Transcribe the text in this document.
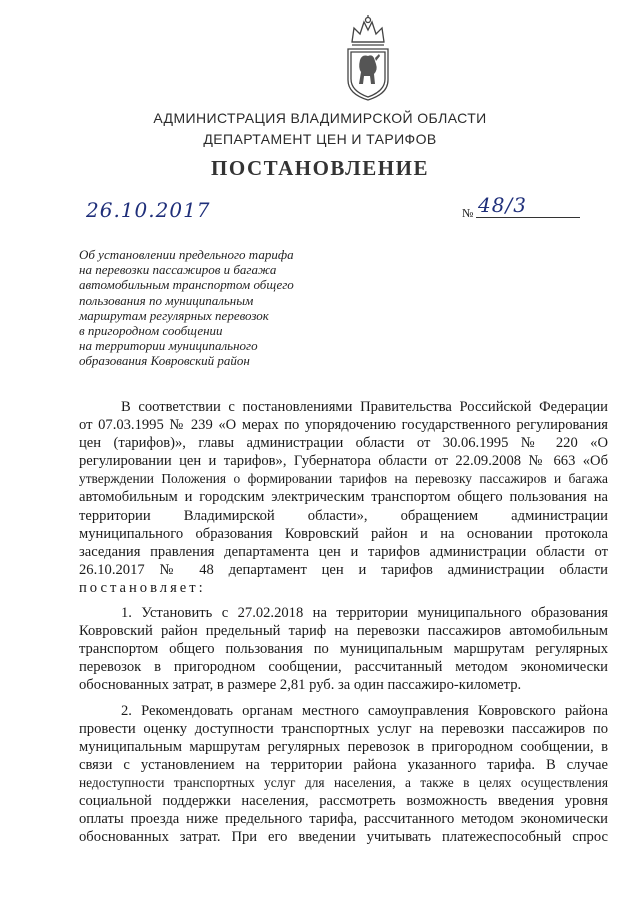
АДМИНИСТРАЦИЯ ВЛАДИМИРСКОЙ ОБЛАСТИ
ДЕПАРТАМЕНТ ЦЕН И ТАРИФОВ
ПОСТАНОВЛЕНИЕ
26.10.2017	№ 48/3
Об установлении предельного тарифа
на перевозки пассажиров и багажа
автомобильным транспортом общего
пользования по муниципальным
маршрутам регулярных перевозок
в пригородном сообщении
на территории муниципального
образования Ковровский район
В соответствии с постановлениями Правительства Российской Федерации
от 07.03.1995 № 239 «О мерах по упорядочению государственного регулирования
цен (тарифов)», главы администрации области от 30.06.1995 № 220 «О
регулировании цен и тарифов», Губернатора области от 22.09.2008 № 663 «Об
утверждении Положения о формировании тарифов на перевозку пассажиров и багажа
автомобильным и городским электрическим транспортом общего пользования на
территории Владимирской области», обращением администрации
муниципального образования Ковровский район и на основании протокола
заседания правления департамента цен и тарифов администрации области от
26.10.2017 № 48 департамент цен и тарифов администрации области
постановляет:
1. Установить с 27.02.2018 на территории муниципального образования
Ковровский район предельный тариф на перевозки пассажиров автомобильным
транспортом общего пользования по муниципальным маршрутам регулярных
перевозок в пригородном сообщении, рассчитанный методом экономически
обоснованных затрат, в размере 2,81 руб. за один пассажиро-километр.
2. Рекомендовать органам местного самоуправления Ковровского района
провести оценку доступности транспортных услуг на перевозки пассажиров по
муниципальным маршрутам регулярных перевозок в пригородном сообщении, в
связи с установлением на территории района указанного тарифа. В случае
недоступности транспортных услуг для населения, а также в целях осуществления
социальной поддержки населения, рассмотреть возможность введения уровня
оплаты проезда ниже предельного тарифа, рассчитанного методом экономически
обоснованных затрат. При его введении учитывать платежеспособный спрос
